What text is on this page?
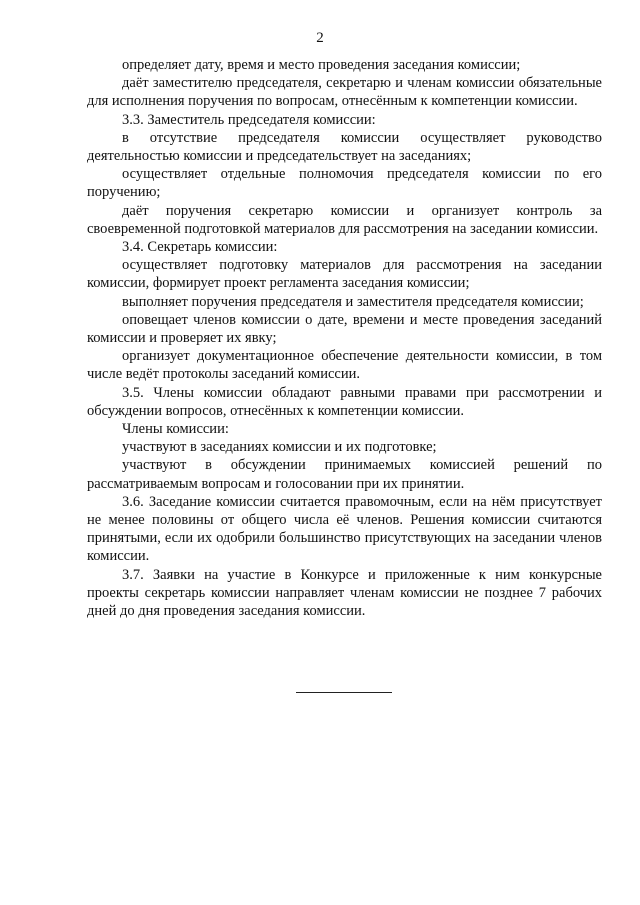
2

определяет дату, время и место проведения заседания комиссии;

даёт заместителю председателя, секретарю и членам комиссии обязательные для исполнения поручения по вопросам, отнесённым к компетенции комиссии.

3.3. Заместитель председателя комиссии:

в отсутствие председателя комиссии осуществляет руководство деятельностью комиссии и председательствует на заседаниях;

осуществляет отдельные полномочия председателя комиссии по его поручению;

даёт поручения секретарю комиссии и организует контроль за своевременной подготовкой материалов для рассмотрения на заседании комиссии.

3.4. Секретарь комиссии:

осуществляет подготовку материалов для рассмотрения на заседании комиссии, формирует проект регламента заседания комиссии;

выполняет поручения председателя и заместителя председателя комиссии;

оповещает членов комиссии о дате, времени и месте проведения заседаний комиссии и проверяет их явку;

организует документационное обеспечение деятельности комиссии, в том числе ведёт протоколы заседаний комиссии.

3.5. Члены комиссии обладают равными правами при рассмотрении и обсуждении вопросов, отнесённых к компетенции комиссии.

Члены комиссии:

участвуют в заседаниях комиссии и их подготовке;

участвуют в обсуждении принимаемых комиссией решений по рассматриваемым вопросам и голосовании при их принятии.

3.6. Заседание комиссии считается правомочным, если на нём присутствует не менее половины от общего числа её членов. Решения комиссии считаются принятыми, если их одобрили большинство присутствующих на заседании членов комиссии.

3.7. Заявки на участие в Конкурсе и приложенные к ним конкурсные проекты секретарь комиссии направляет членам комиссии не позднее 7 рабочих дней до дня проведения заседания комиссии.
